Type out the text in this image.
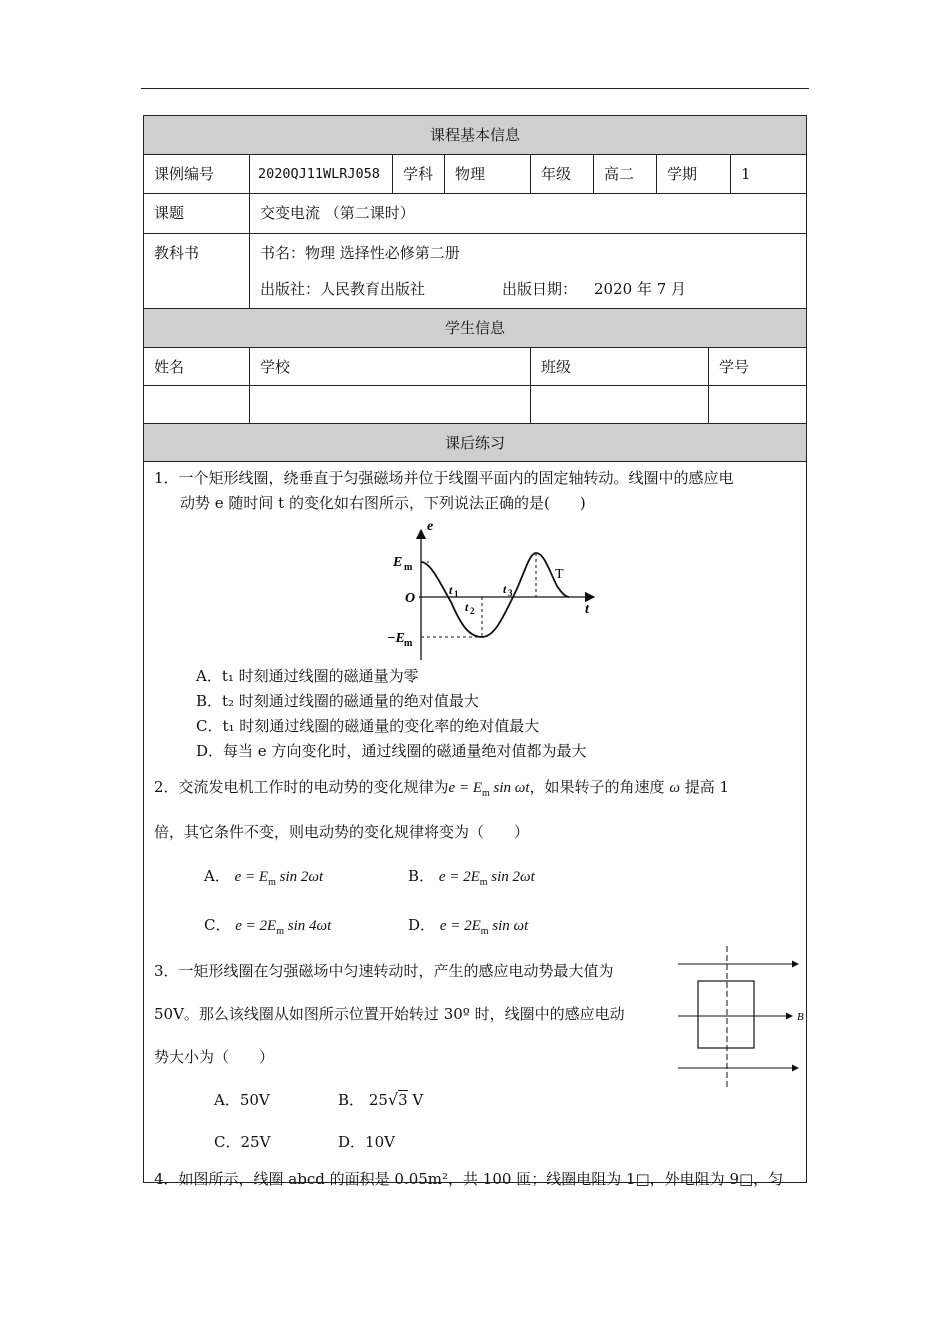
课程基本信息
课例编号	2020QJ11WLRJ058	学科	物理	年级	高二	学期	1
课题	交变电流 （第二课时）
教科书	书名：物理 选择性必修第二册
出版社：人民教育出版社	出版日期： 2020 年 7 月
学生信息
姓名	学校	班级	学号
课后练习
1．一个矩形线圈，绕垂直于匀强磁场并位于线圈平面内的固定轴转动。线圈中的感应电
动势 e 随时间 t 的变化如右图所示，下列说法正确的是(　　)
e
E m
O
−E m
t
t 1
t 2
t 3
T
A．t₁ 时刻通过线圈的磁通量为零
B．t₂ 时刻通过线圈的磁通量的绝对值最大
C．t₁ 时刻通过线圈的磁通量的变化率的绝对值最大
D．每当 e 方向变化时，通过线圈的磁通量绝对值都为最大
2．交流发电机工作时的电动势的变化规律为$e = E_m$ sin ωt，如果转子的角速度 ω 提高 1
倍，其它条件不变，则电动势的变化规律将变为（　　）
A． $e = E_m$ sin 2ωt	B． $e = 2E_m$ sin 2ωt
C． $e = 2E_m$ sin 4ωt	D． $e = 2E_m$ sin ωt
3．一矩形线圈在匀强磁场中匀速转动时，产生的感应电动势最大值为
50V。那么该线圈从如图所示位置开始转过 30º 时，线圈中的感应电动
势大小为（　　）
B
A．50V	B． 25√3 V
C．25V	D．10V
4．如图所示，线圈 abcd 的面积是 0.05m²，共 100 匝；线圈电阻为 1□，外电阻为 9□，匀
